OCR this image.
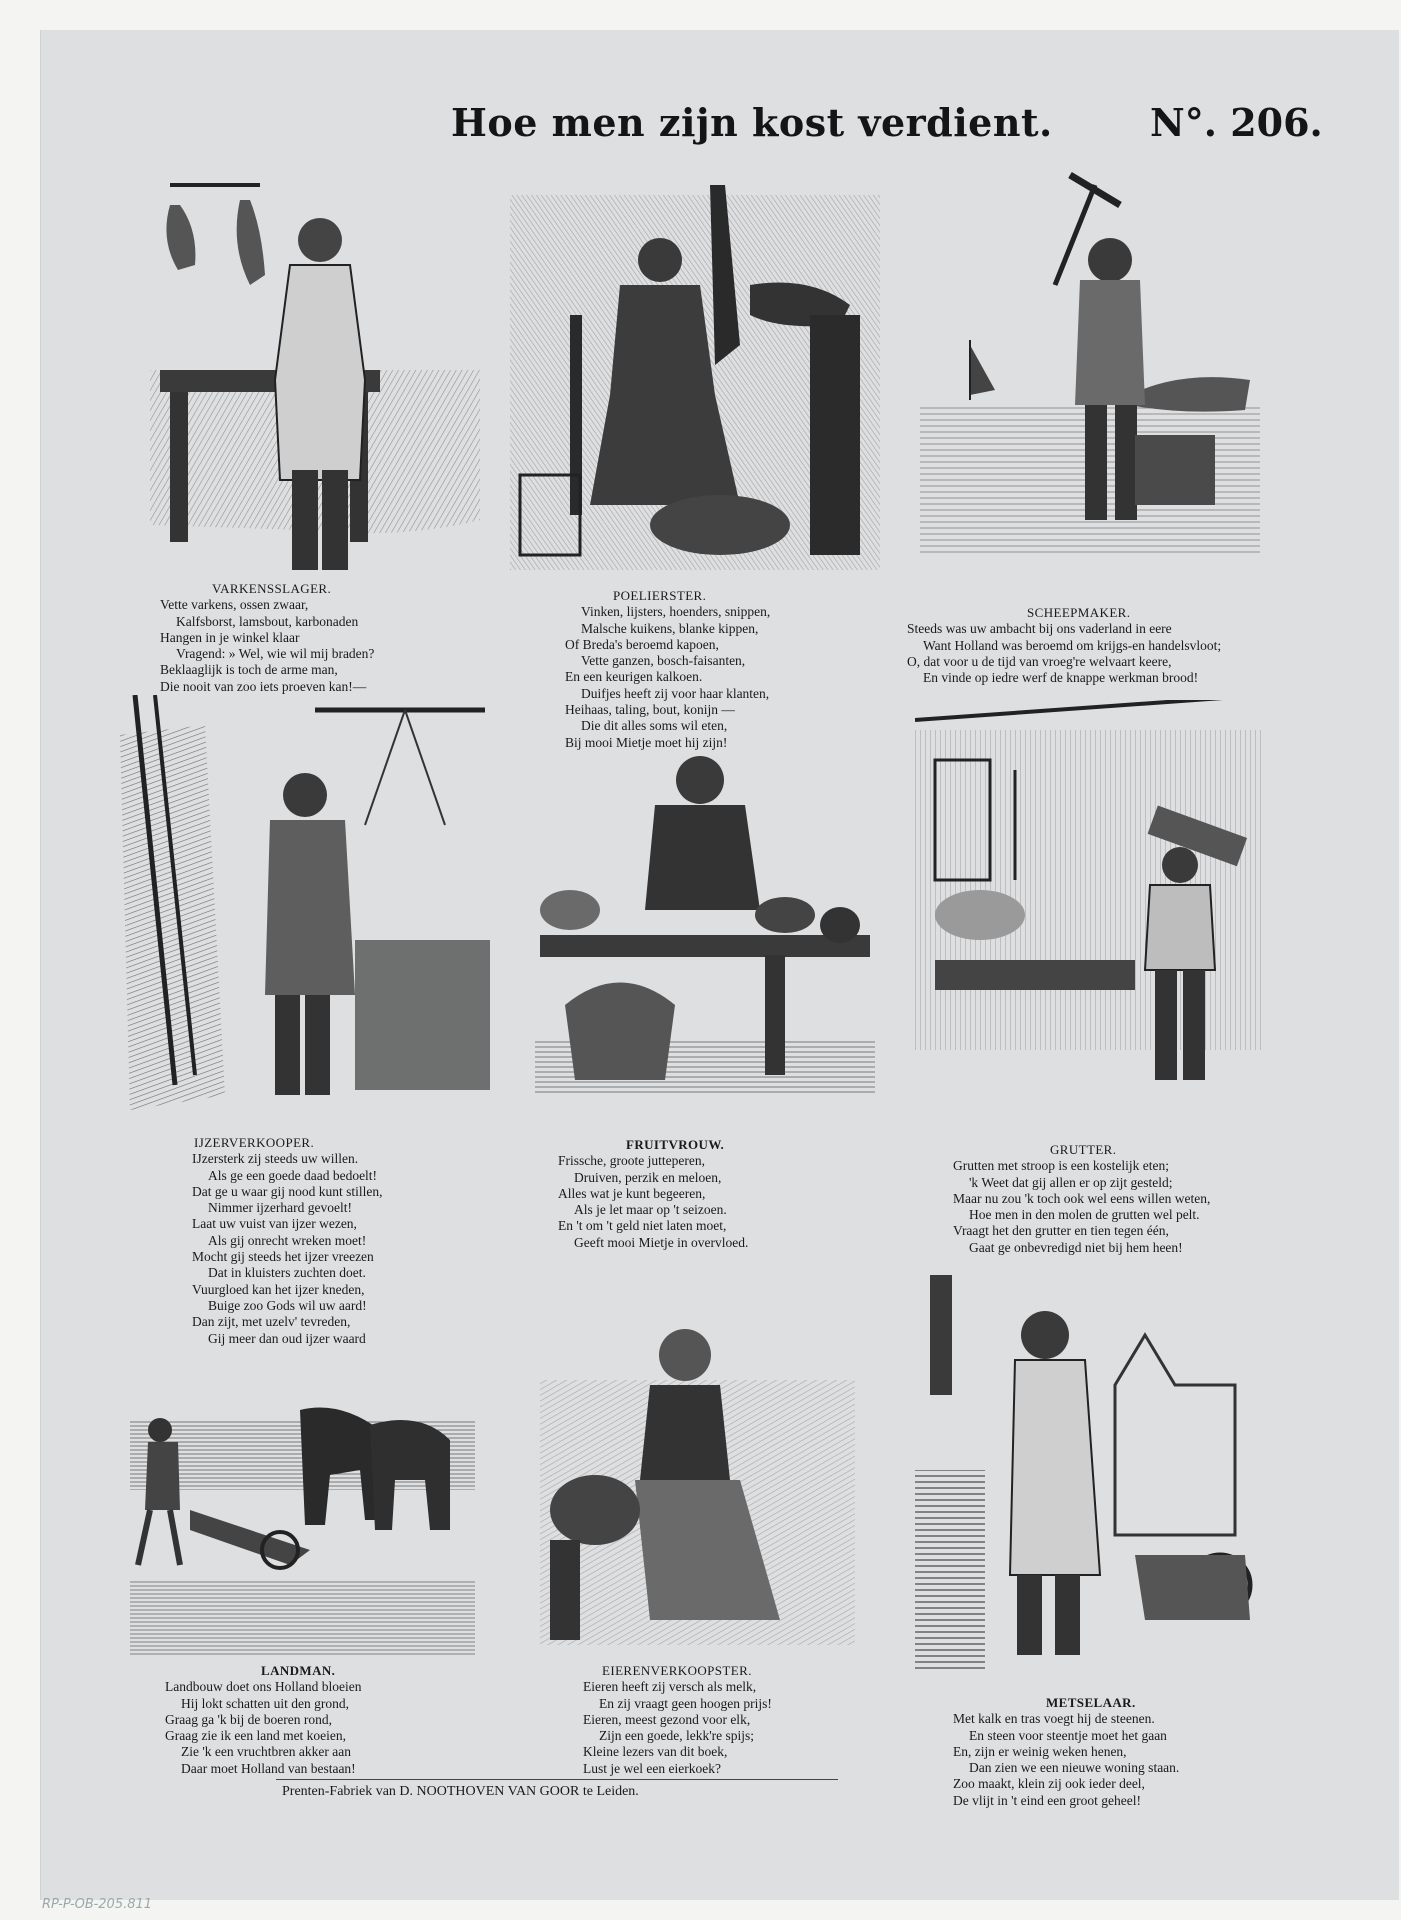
Hoe men zijn kost verdient.	N°. 206.
VARKENSSLAGER.
Vette varkens, ossen zwaar,
Kalfsborst, lamsbout, karbonaden
Hangen in je winkel klaar
Vragend: » Wel, wie wil mij braden?
Beklaaglijk is toch de arme man,
Die nooit van zoo iets proeven kan!—
POELIERSTER.
Vinken, lijsters, hoenders, snippen,
Malsche kuikens, blanke kippen,
Of Breda's beroemd kapoen,
Vette ganzen, bosch-faisanten,
En een keurigen kalkoen.
Duifjes heeft zij voor haar klanten,
Heihaas, taling, bout, konijn —
Die dit alles soms wil eten,
Bij mooi Mietje moet hij zijn!
SCHEEPMAKER.
Steeds was uw ambacht bij ons vaderland in eere
Want Holland was beroemd om krijgs-en handelsvloot;
O, dat voor u de tijd van vroeg're welvaart keere,
En vinde op iedre werf de knappe werkman brood!
IJZERVERKOOPER.
IJzersterk zij steeds uw willen.
Als ge een goede daad bedoelt!
Dat ge u waar gij nood kunt stillen,
Nimmer ijzerhard gevoelt!
Laat uw vuist van ijzer wezen,
Als gij onrecht wreken moet!
Mocht gij steeds het ijzer vreezen
Dat in kluisters zuchten doet.
Vuurgloed kan het ijzer kneden,
Buige zoo Gods wil uw aard!
Dan zijt, met uzelv' tevreden,
Gij meer dan oud ijzer waard
FRUITVROUW.
Frissche, groote jutteperen,
Druiven, perzik en meloen,
Alles wat je kunt begeeren,
Als je let maar op 't seizoen.
En 't om 't geld niet laten moet,
Geeft mooi Mietje in overvloed.
GRUTTER.
Grutten met stroop is een kostelijk eten;
'k Weet dat gij allen er op zijt gesteld;
Maar nu zou 'k toch ook wel eens willen weten,
Hoe men in den molen de grutten wel pelt.
Vraagt het den grutter en tien tegen één,
Gaat ge onbevredigd niet bij hem heen!
LANDMAN.
Landbouw doet ons Holland bloeien
Hij lokt schatten uit den grond,
Graag ga 'k bij de boeren rond,
Graag zie ik een land met koeien,
Zie 'k een vruchtbren akker aan
Daar moet Holland van bestaan!
EIERENVERKOOPSTER.
Eieren heeft zij versch als melk,
En zij vraagt geen hoogen prijs!
Eieren, meest gezond voor elk,
Zijn een goede, lekk're spijs;
Kleine lezers van dit boek,
Lust je wel een eierkoek?
METSELAAR.
Met kalk en tras voegt hij de steenen.
En steen voor steentje moet het gaan
En, zijn er weinig weken henen,
Dan zien we een nieuwe woning staan.
Zoo maakt, klein zij ook ieder deel,
De vlijt in 't eind een groot geheel!
Prenten-Fabriek van D. NOOTHOVEN VAN GOOR te Leiden.
RP-P-OB-205.811
